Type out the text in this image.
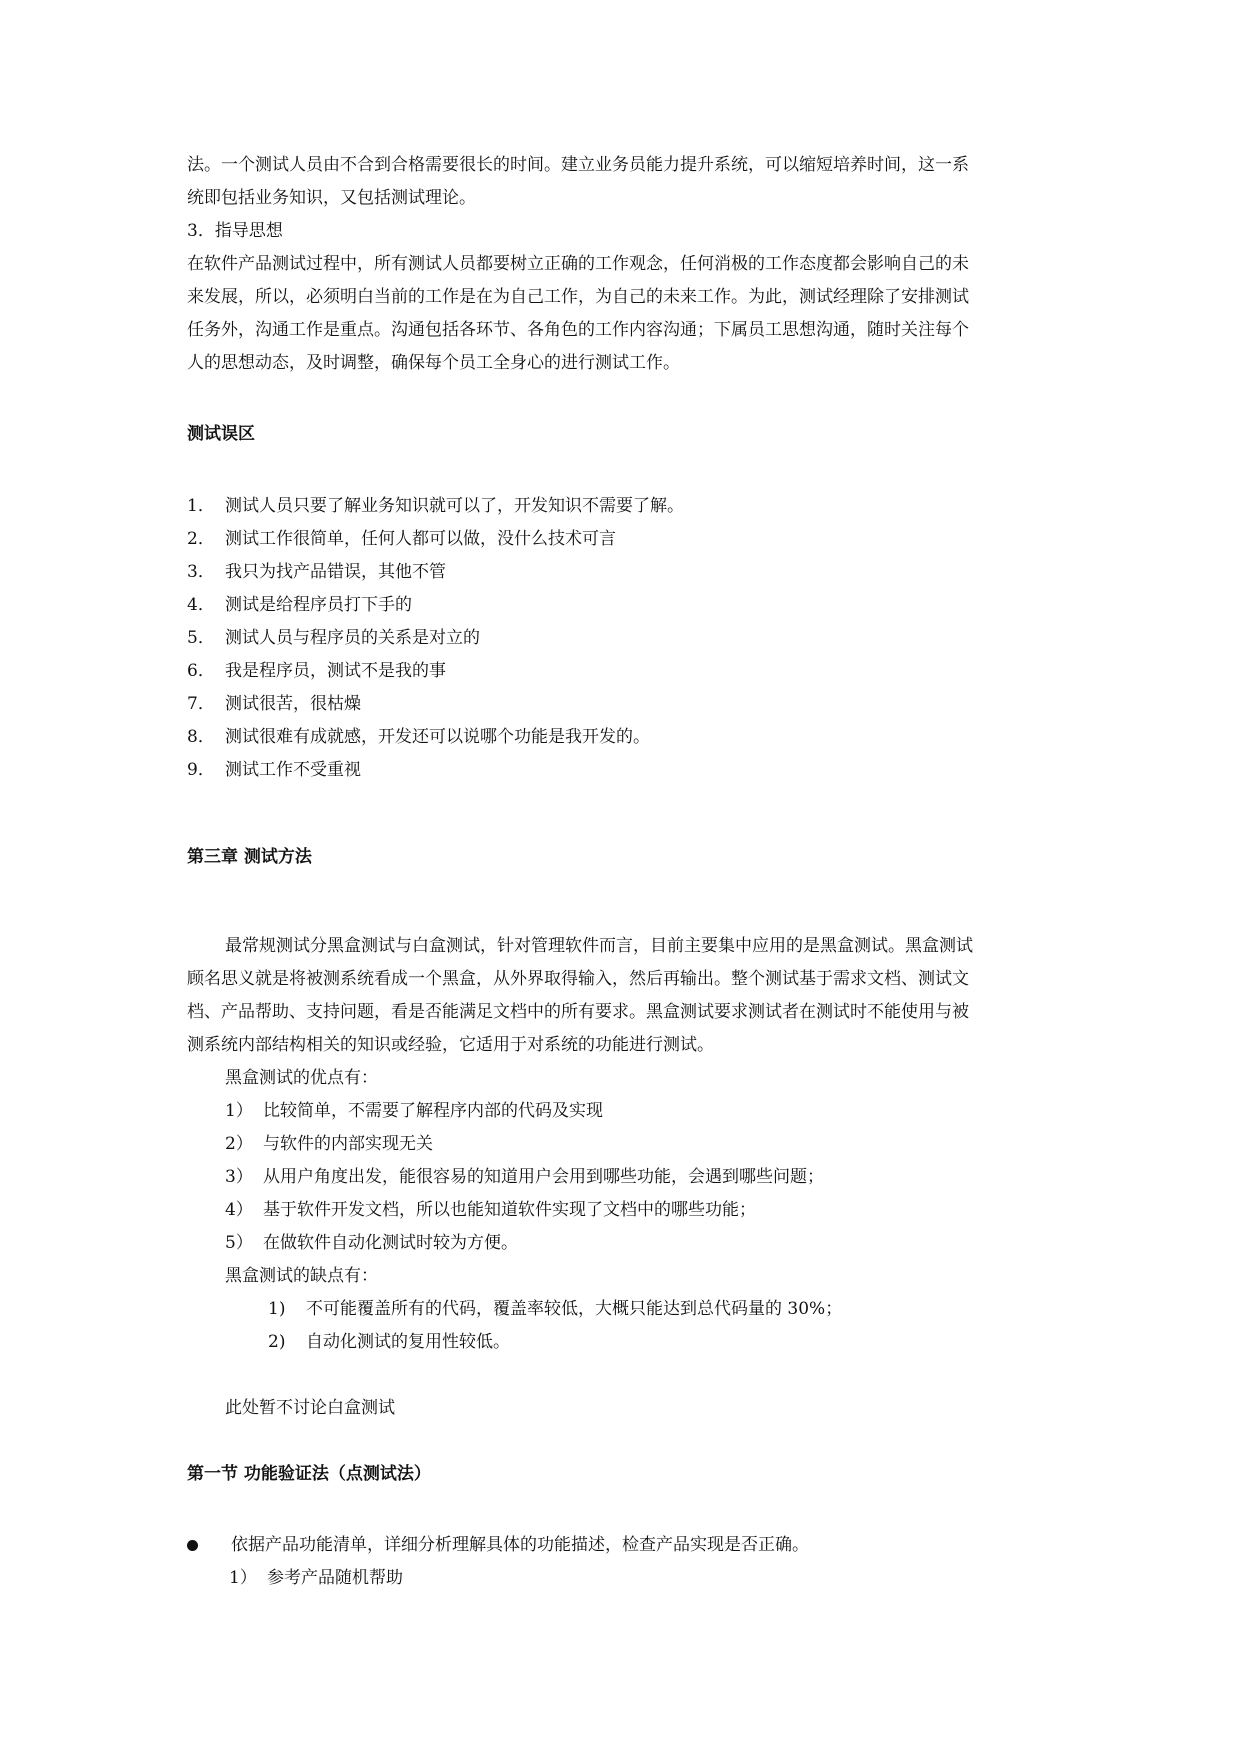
法。一个测试人员由不合到合格需要很长的时间。建立业务员能力提升系统，可以缩短培养时间，这一系
统即包括业务知识，又包括测试理论。
3．指导思想
在软件产品测试过程中，所有测试人员都要树立正确的工作观念，任何消极的工作态度都会影响自己的未
来发展，所以，必须明白当前的工作是在为自己工作，为自己的未来工作。为此，测试经理除了安排测试
任务外，沟通工作是重点。沟通包括各环节、各角色的工作内容沟通；下属员工思想沟通，随时关注每个
人的思想动态，及时调整，确保每个员工全身心的进行测试工作。
测试误区
1． 测试人员只要了解业务知识就可以了，开发知识不需要了解。
2． 测试工作很简单，任何人都可以做，没什么技术可言
3． 我只为找产品错误，其他不管
4． 测试是给程序员打下手的
5． 测试人员与程序员的关系是对立的
6． 我是程序员，测试不是我的事
7． 测试很苦，很枯燥
8． 测试很难有成就感，开发还可以说哪个功能是我开发的。
9． 测试工作不受重视
第三章 测试方法
最常规测试分黑盒测试与白盒测试，针对管理软件而言，目前主要集中应用的是黑盒测试。黑盒测试
顾名思义就是将被测系统看成一个黑盒，从外界取得输入，然后再输出。整个测试基于需求文档、测试文
档、产品帮助、支持问题，看是否能满足文档中的所有要求。黑盒测试要求测试者在测试时不能使用与被
测系统内部结构相关的知识或经验，它适用于对系统的功能进行测试。
黑盒测试的优点有：
1） 比较简单，不需要了解程序内部的代码及实现
2） 与软件的内部实现无关
3） 从用户角度出发，能很容易的知道用户会用到哪些功能，会遇到哪些问题；
4） 基于软件开发文档，所以也能知道软件实现了文档中的哪些功能；
5） 在做软件自动化测试时较为方便。
黑盒测试的缺点有：
1) 不可能覆盖所有的代码，覆盖率较低，大概只能达到总代码量的 30%；
2) 自动化测试的复用性较低。
此处暂不讨论白盒测试
第一节 功能验证法（点测试法）
依据产品功能清单，详细分析理解具体的功能描述，检查产品实现是否正确。
1） 参考产品随机帮助
